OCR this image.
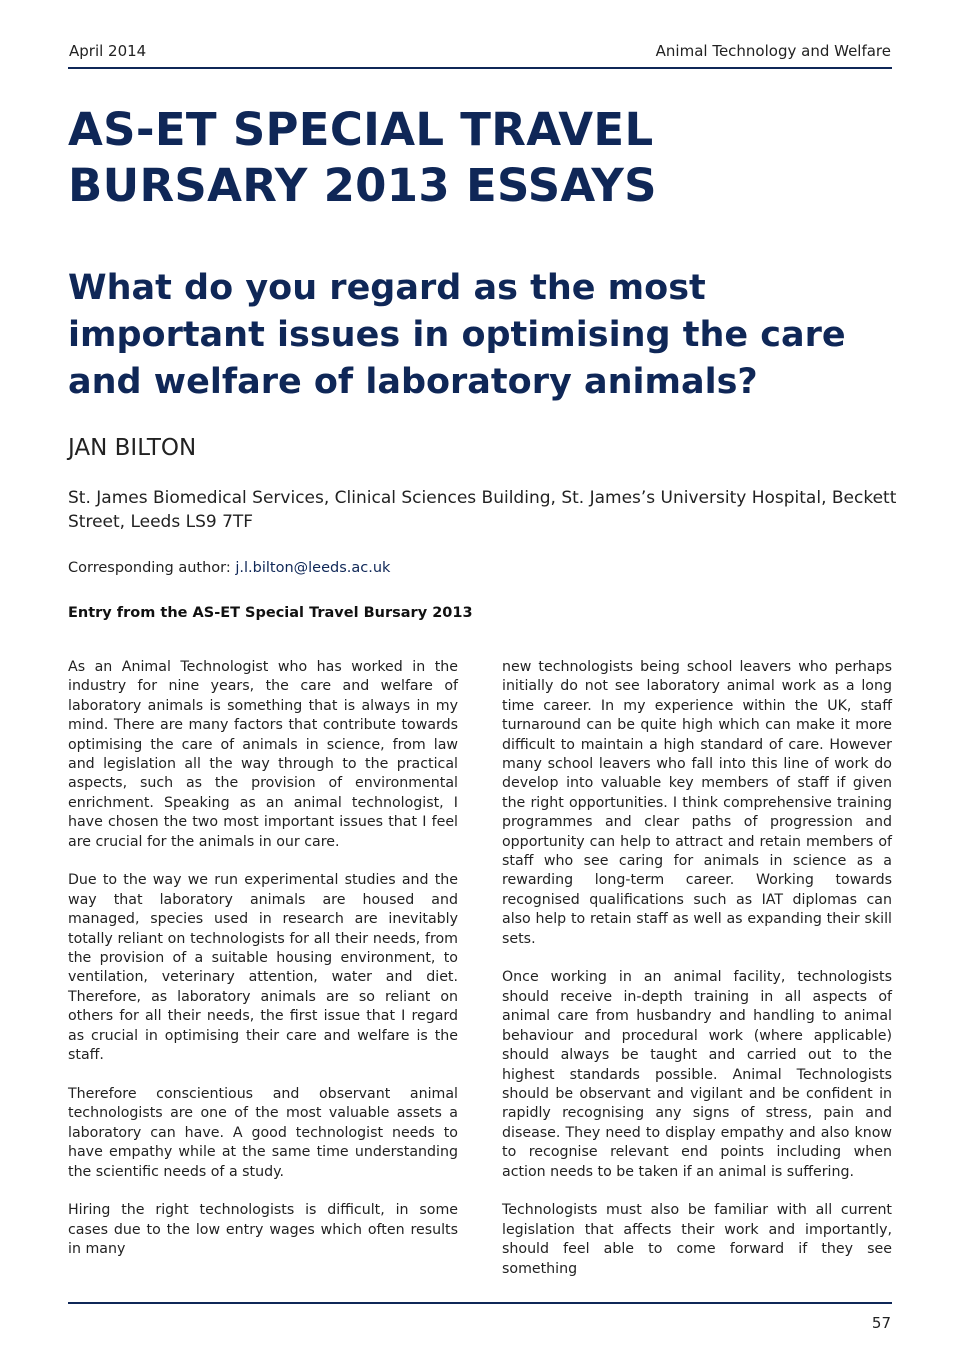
April 2014	Animal Technology and Welfare
AS-ET SPECIAL TRAVEL BURSARY 2013 ESSAYS
What do you regard as the most important issues in optimising the care and welfare of laboratory animals?
JAN BILTON
St. James Biomedical Services, Clinical Sciences Building, St. James’s University Hospital, Beckett Street, Leeds LS9 7TF
Corresponding author: j.l.bilton@leeds.ac.uk
Entry from the AS-ET Special Travel Bursary 2013

As an Animal Technologist who has worked in the industry for nine years, the care and welfare of laboratory animals is something that is always in my mind. There are many factors that contribute towards optimising the care of animals in science, from law and legislation all the way through to the practical aspects, such as the provision of environmental enrichment. Speaking as an animal technologist, I have chosen the two most important issues that I feel are crucial for the animals in our care.

Due to the way we run experimental studies and the way that laboratory animals are housed and managed, species used in research are inevitably totally reliant on technologists for all their needs, from the provision of a suitable housing environment, to ventilation, veterinary attention, water and diet. Therefore, as laboratory animals are so reliant on others for all their needs, the first issue that I regard as crucial in optimising their care and welfare is the staff.

Therefore conscientious and observant animal technologists are one of the most valuable assets a laboratory can have. A good technologist needs to have empathy while at the same time understanding the scientific needs of a study.

Hiring the right technologists is difficult, in some cases due to the low entry wages which often results in many

new technologists being school leavers who perhaps initially do not see laboratory animal work as a long time career. In my experience within the UK, staff turnaround can be quite high which can make it more difficult to maintain a high standard of care. However many school leavers who fall into this line of work do develop into valuable key members of staff if given the right opportunities. I think comprehensive training programmes and clear paths of progression and opportunity can help to attract and retain members of staff who see caring for animals in science as a rewarding long-term career. Working towards recognised qualifications such as IAT diplomas can also help to retain staff as well as expanding their skill sets.

Once working in an animal facility, technologists should receive in-depth training in all aspects of animal care from husbandry and handling to animal behaviour and procedural work (where applicable) should always be taught and carried out to the highest standards possible. Animal Technologists should be observant and vigilant and be confident in rapidly recognising any signs of stress, pain and disease. They need to display empathy and also know to recognise relevant end points including when action needs to be taken if an animal is suffering.

Technologists must also be familiar with all current legislation that affects their work and importantly, should feel able to come forward if they see something

57
